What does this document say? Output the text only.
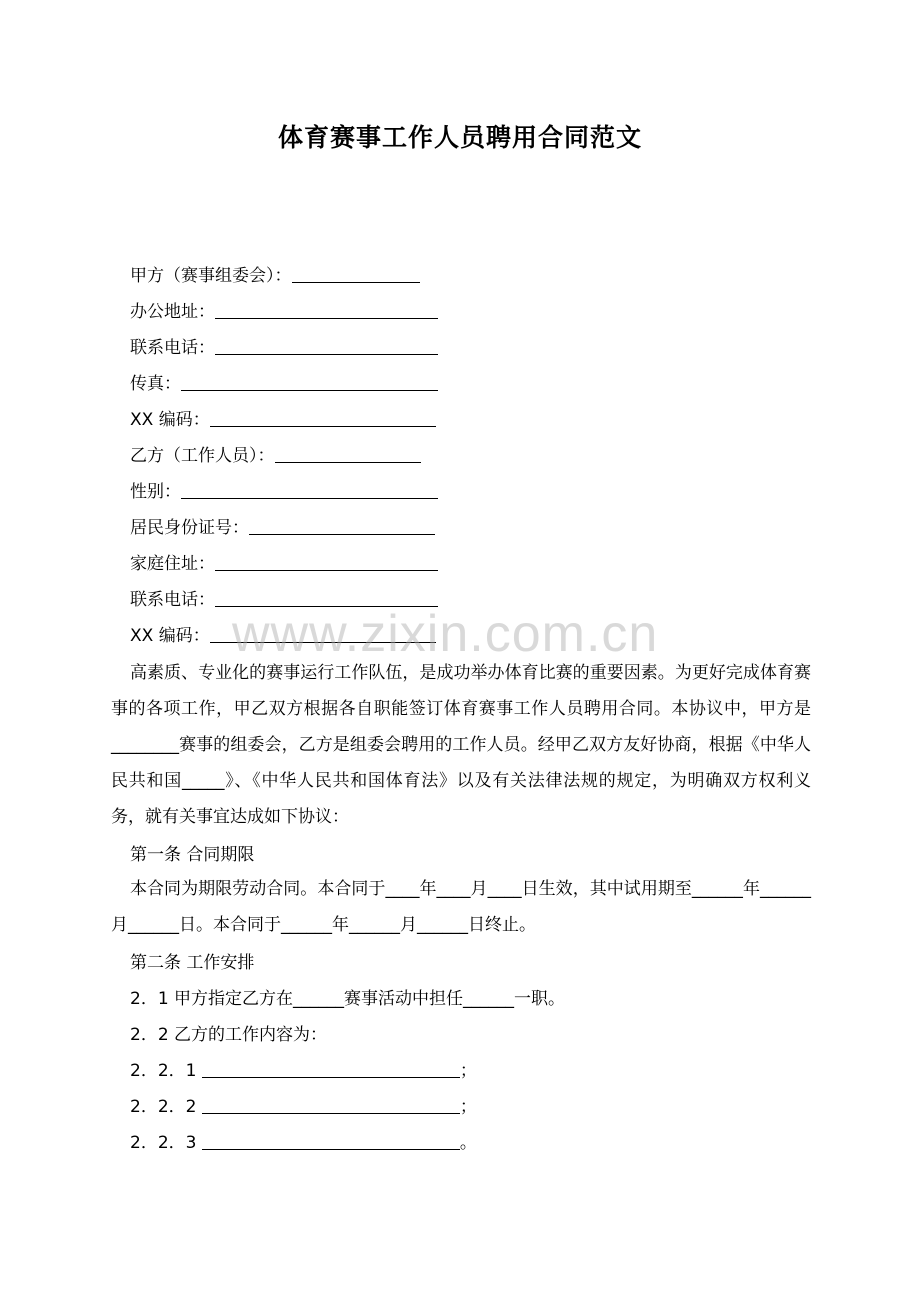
体育赛事工作人员聘用合同范文
甲方（赛事组委会）：
办公地址：
联系电话：
传真：
XX 编码：
乙方（工作人员）：
性别：
居民身份证号：
家庭住址：
联系电话：
XX 编码：
高素质、专业化的赛事运行工作队伍，是成功举办体育比赛的重要因素。为更好完成体育赛事的各项工作，甲乙双方根据各自职能签订体育赛事工作人员聘用合同。本协议中，甲方是________赛事的组委会，乙方是组委会聘用的工作人员。经甲乙双方友好协商，根据《中华人民共和国_____》、《中华人民共和国体育法》以及有关法律法规的规定，为明确双方权利义务，就有关事宜达成如下协议：
第一条 合同期限
本合同为期限劳动合同。本合同于____年____月____日生效，其中试用期至______年______月______日。本合同于______年______月______日终止。
第二条 工作安排
2．1 甲方指定乙方在______赛事活动中担任______一职。
2．2 乙方的工作内容为：
2．2．1	；
2．2．2	；
2．2．3	。
www.zixin.com.cn
